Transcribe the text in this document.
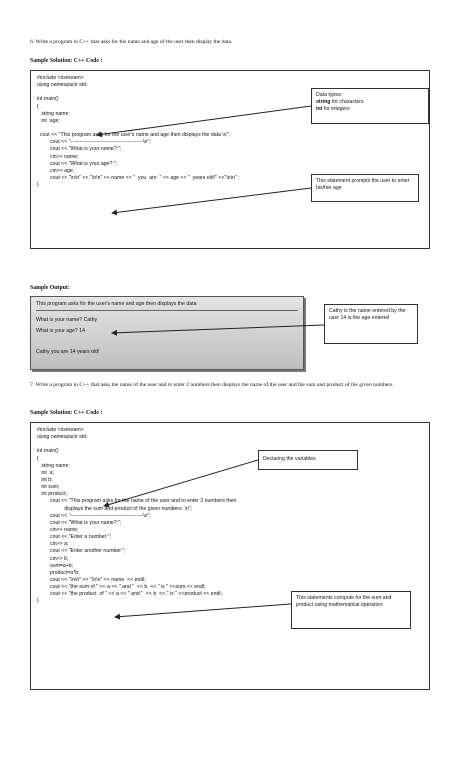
6. Write a program in C++ that asks for the name and age of the user then display the data.
Sample Solution: C++ Code :
#include <iostream>
using namespace std;
int main()
{
string name;
int  age;
cout << "This program asks for the user's name and age then displays the data \n";
cout << "------------------------------------------\n";
cout << "What is your name?:";
cin>> name;
cout << "What is your age?:";
cin>> age;
cout << "\n\n" << "\n\n" << name << "  you  are  " << age << "  years old!" <<"\n\n" ;
}
Data types:
string for characters
int for integers
This statement prompts the user to enter his/her age
Sample Output:
This program asks for the user's name and age then displays the data
What is your name? Cathy
What is your age? 14
Cathy you are 14 years old!
Cathy is the name entered by the user 14 is the age entered
7. Write a program in C++ that asks the name of the user and to enter 2 numbers then displays the name of the user and the sum and product of the given numbers.
Sample Solution: C++ Code :
#include <iostream>
using namespace std;
int main()
{
string name;
int  a;
int b;
int sum;
int product;
cout << "This program asks for the name of the user and to enter 2 numbers then
displays the sum and product of the given numbers. \n";
cout << "------------------------------------------\n";
cout << "What is your name?:";
cin>> name;
cout << "Enter a number:";
cin>> a;
cout << "Enter another number:";
cin>> b;
sum=a+b;
product=a*b;
cout << "\n\n" << "\n\n" << name  << endl;
cout << "the sum of " << a << " and "  << b  << " is " <<sum << endl;
cout << "the product  of " << a << " and "  << b  << " is " <<product << endl;
}
Declaring the variables
This statements compute for the sum and product using mathematical operators
